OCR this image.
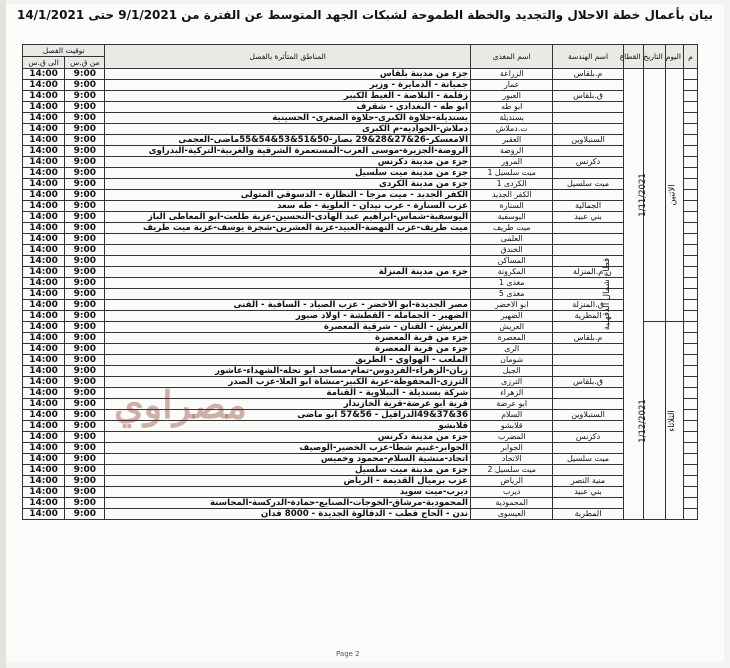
بيان بأعمال خطة الاحلال والتجديد والخطة الطموحة لشبكات الجهد المتوسط عن الفترة من 9/1/2021 حتى 14/1/2021
م	اليوم	التاريخ	القطاع	اسم الهندسة	اسم المغذى	المناطق المتأثرة بالفصل	توقيت الفصل	
							من ق.س	الى ق.س
	الاثنين	1/11/2021	قطاع شمال الدقهلية	م.بلقاس	الزراعة	جزء من مدينة بلقاس	9:00	14:00
					عمار	جميانة - الدمايرة - وزير	9:00	14:00
				ق.بلقاس	العبور	زقلمة - البلاصة - الغيط الكبير	9:00	14:00
					ابو طه	ابو طه - البغدادي - شقرف	9:00	14:00
					بسنديلة	بسنديلة-حلاوة الكبرى-حلاوة الصغرى- الحسينية	9:00	14:00
					ت.دملاش	دملاش-الجواديه-م الكبرى	9:00	14:00
				السنبلاوين	العقبر	الامعسكر-26&27&28&29 بصار-50&51&53&54&55ماضى-العجمى	9:00	14:00
					الروضة	الروضة-الجزيرة-موسى العرب-المستعمرة الشرقية والغربية-التركية-البدراوى	9:00	14:00
				دكرنس	المرور	جزء من مدينة دكرنس	9:00	14:00
					ميت سلسيل 1	جزء من مدينة ميت سلسيل	9:00	14:00
				ميت سلسيل	الكردى 1	جزء من مدينة الكردى	9:00	14:00
					الكفر الجديد	الكفر الجديد - ميت مرجا - النظارة - الدسوقي المتولى	9:00	14:00
				الجمالية	السنارة	عزب السنارة - عرب نيدان - العلوية - طه سعد	9:00	14:00
				بني عبيد	اليوسفية	اليوسفية-شماس-ابراهيم عبد الهادى-التحسين-عزبة طلعت-ابو المعاطى الباز	9:00	14:00
					ميت طريف	ميت طريف-عزب النهضة-العبيد-عزبة العشرين-شجرة يوسف-عزبة ميت طريف	9:00	14:00
					العلمى		9:00	14:00
					الخندق		9:00	14:00
					المساكن		9:00	14:00
				م.المنزلة	المكرونة	جزء من مدينة المنزلة	9:00	14:00
					مغذى 1		9:00	14:00
					مغذى 5		9:00	14:00
				ق.المنزلة	ابو الاخضر	مصر الجديدة-ابو الاخضر - عزب الصياد - السافية - القنى	9:00	14:00
				المطرية	الضهير	الضهير - الجمامله - القطشة - اولاد صبور	9:00	14:00
	الثلاثاء	1/12/2021			العريش	العريش - القنان - شرقية المعصرة	9:00	14:00
				م.بلقاس	المعصرة	جزء من قرية المعصرة	9:00	14:00
					الرى	جزء من قرية المعصرة	9:00	14:00
					شومان	الملعب - الهواوي - الطريق	9:00	14:00
					الجيل	زيان-الزهراء-الفردوس-تمام-مساجد ابو تحله-الشهداء-عاشور	9:00	14:00
				ق.بلقاس	الترزى	الترزى-المحفوظة-عزبة الكبير-منشاة ابو العلا-عزب الصدر	9:00	14:00
					الزهراء	شركة بسنديلة - البيلاوية - القنامة	9:00	14:00
					ابو عرضة	قرية ابو عرضة-قرية الخازندار	9:00	14:00
				السنبلاوين	السلام	36&37&49الدراقيل - 56&57 ابو ماضى	9:00	14:00
					قلابشو	قلابشو	9:00	14:00
				دكرنس	المضرب	جزء من مدينة دكرنس	9:00	14:00
					الجوابر	الجوابر-غنيم شطا-عزب الخضير-الوصيف	9:00	14:00
				ميت سلسيل	الاتحاد	اتحاد-منشية السلام-محمود وخميس	9:00	14:00
					ميت سلسيل 2	جزء من مدينة ميت سلسيل	9:00	14:00
				منية النصر	الرياض	عزب برميال القديمة - الرياض	9:00	14:00
				بني عبيد	ديرب	ديرب-ميت سويد	9:00	14:00
					المحمودية	المحمودية-مرشاق-الخوجات-الصنايع-حمادة-الدركسة-المحاسنة	9:00	14:00
				المطرية	العيسوى	ندن - الحاج قطب - الدقالوة الجديدة - 8000 فدان	9:00	14:00
مصراوي
Page 2
